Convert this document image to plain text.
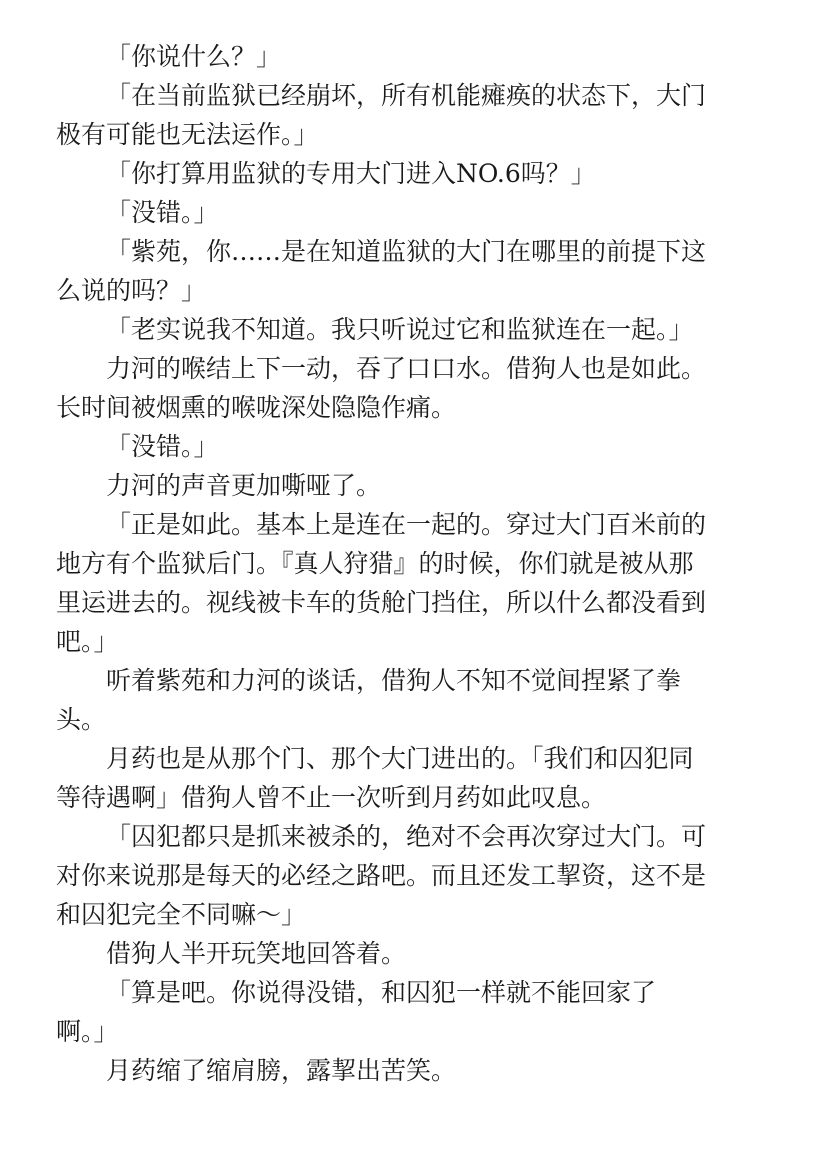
「你说什么？」

「在当前监狱已经崩坏，所有机能瘫痪的状态下，大门
极有可能也无法运作。」

「你打算用监狱的专用大门进入NO.6吗？」

「没错。」

「紫苑，你……是在知道监狱的大门在哪里的前提下这
么说的吗？」

「老实说我不知道。我只听说过它和监狱连在一起。」

力河的喉结上下一动，吞了口口水。借狗人也是如此。
长时间被烟熏的喉咙深处隐隐作痛。

「没错。」

力河的声音更加嘶哑了。

「正是如此。基本上是连在一起的。穿过大门百米前的
地方有个监狱后门。『真人狩猎』的时候，你们就是被从那
里运进去的。视线被卡车的货舱门挡住，所以什么都没看到
吧。」

听着紫苑和力河的谈话，借狗人不知不觉间捏紧了拳
头。

月药也是从那个门、那个大门进出的。「我们和囚犯同
等待遇啊」借狗人曾不止一次听到月药如此叹息。

「囚犯都只是抓来被杀的，绝对不会再次穿过大门。可
对你来说那是每天的必经之路吧。而且还发工挈资，这不是
和囚犯完全不同嘛～」

借狗人半开玩笑地回答着。

「算是吧。你说得没错，和囚犯一样就不能回家了
啊。」

月药缩了缩肩膀，露挈出苦笑。
